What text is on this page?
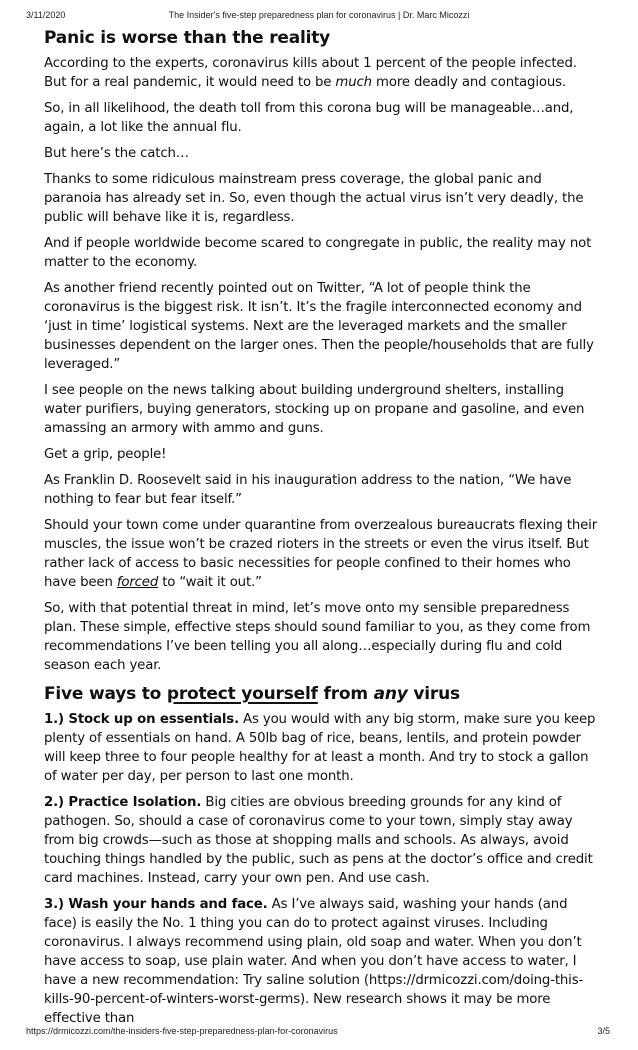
3/11/2020	The Insider's five-step preparedness plan for coronavirus | Dr. Marc Micozzi
Panic is worse than the reality

According to the experts, coronavirus kills about 1 percent of the people infected. But for a real pandemic, it would need to be much more deadly and contagious.

So, in all likelihood, the death toll from this corona bug will be manageable…and, again, a lot like the annual flu.

But here’s the catch…

Thanks to some ridiculous mainstream press coverage, the global panic and paranoia has already set in. So, even though the actual virus isn’t very deadly, the public will behave like it is, regardless.

And if people worldwide become scared to congregate in public, the reality may not matter to the economy.

As another friend recently pointed out on Twitter, “A lot of people think the coronavirus is the biggest risk. It isn’t. It’s the fragile interconnected economy and ‘just in time’ logistical systems. Next are the leveraged markets and the smaller businesses dependent on the larger ones. Then the people/households that are fully leveraged.”

I see people on the news talking about building underground shelters, installing water purifiers, buying generators, stocking up on propane and gasoline, and even amassing an armory with ammo and guns.

Get a grip, people!

As Franklin D. Roosevelt said in his inauguration address to the nation, “We have nothing to fear but fear itself.”

Should your town come under quarantine from overzealous bureaucrats flexing their muscles, the issue won’t be crazed rioters in the streets or even the virus itself. But rather lack of access to basic necessities for people confined to their homes who have been forced to “wait it out.”

So, with that potential threat in mind, let’s move onto my sensible preparedness plan. These simple, effective steps should sound familiar to you, as they come from recommendations I’ve been telling you all along…especially during flu and cold season each year.

Five ways to protect yourself from any virus

1.) Stock up on essentials. As you would with any big storm, make sure you keep plenty of essentials on hand. A 50lb bag of rice, beans, lentils, and protein powder will keep three to four people healthy for at least a month. And try to stock a gallon of water per day, per person to last one month.

2.) Practice Isolation. Big cities are obvious breeding grounds for any kind of pathogen. So, should a case of coronavirus come to your town, simply stay away from big crowds—such as those at shopping malls and schools. As always, avoid touching things handled by the public, such as pens at the doctor’s office and credit card machines. Instead, carry your own pen. And use cash.

3.) Wash your hands and face. As I’ve always said, washing your hands (and face) is easily the No. 1 thing you can do to protect against viruses. Including coronavirus. I always recommend using plain, old soap and water. When you don’t have access to soap, use plain water. And when you don’t have access to water, I have a new recommendation: Try saline solution (https://drmicozzi.com/doing-this-kills-90-percent-of-winters-worst-germs). New research shows it may be more effective than

https://drmicozzi.com/the-insiders-five-step-preparedness-plan-for-coronavirus	3/5
